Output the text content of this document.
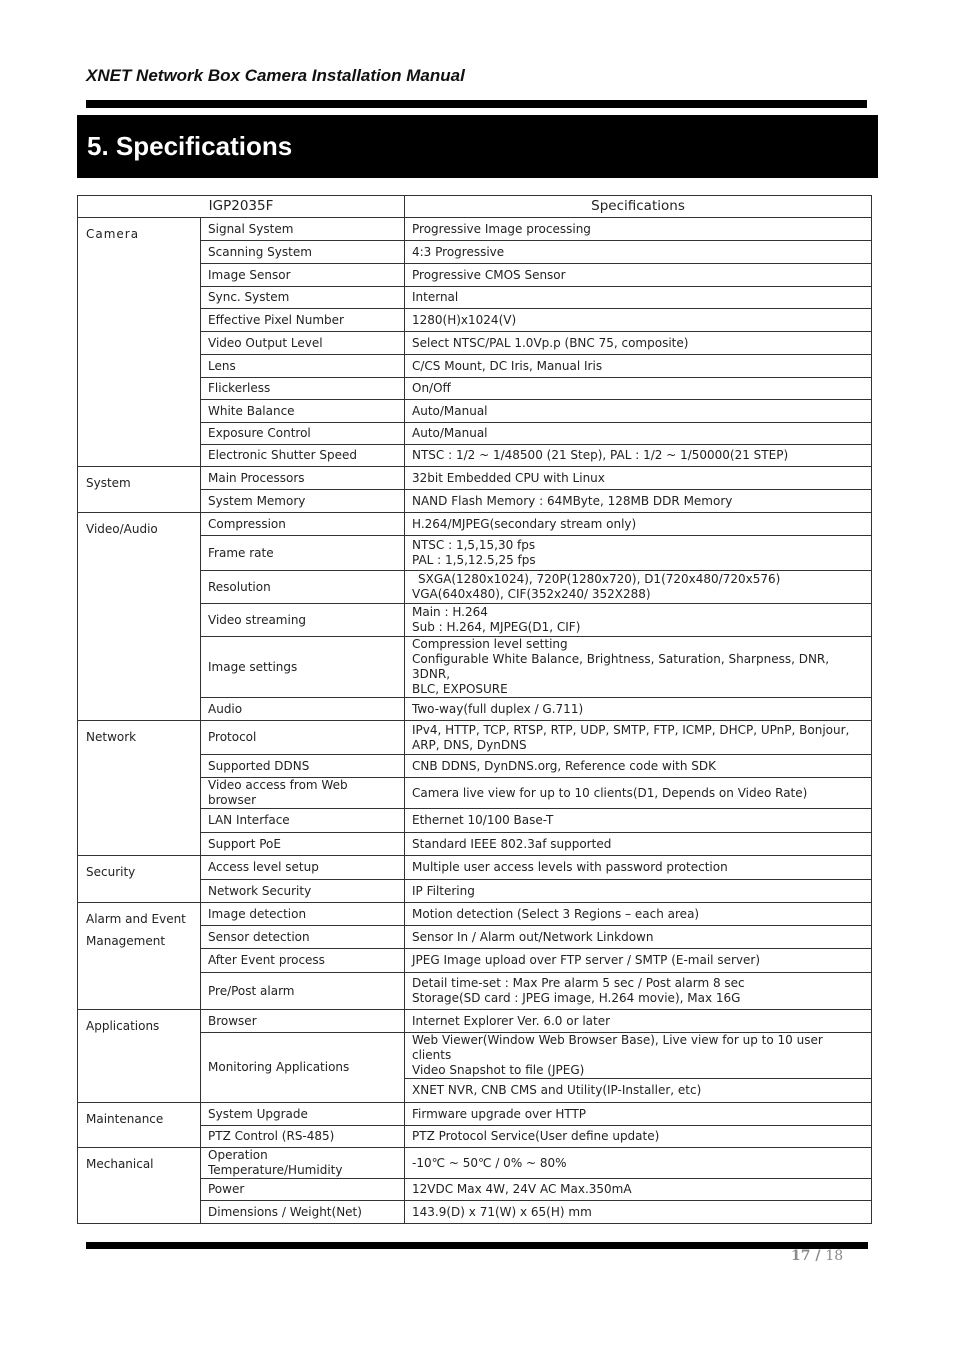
XNET Network Box Camera Installation Manual
5. Specifications
IGP2035F		Specifications

Camera	Signal System	Progressive Image processing

	Scanning System	4:3 Progressive

	Image Sensor	Progressive CMOS Sensor

	Sync. System	Internal

	Effective Pixel Number	1280(H)x1024(V)

	Video Output Level	Select NTSC/PAL 1.0Vp.p (BNC 75, composite)

	Lens	C/CS Mount, DC Iris, Manual Iris

	Flickerless	On/Off

	White Balance	Auto/Manual

	Exposure Control	Auto/Manual

	Electronic Shutter Speed	NTSC : 1/2 ~ 1/48500 (21 Step), PAL : 1/2 ~ 1/50000(21 STEP)

System	Main Processors	32bit Embedded CPU with Linux

	System Memory	NAND Flash Memory : 64MByte, 128MB DDR Memory

Video/Audio	Compression	H.264/MJPEG(secondary stream only)

	Frame rate	NTSC : 1,5,15,30 fps
PAL : 1,5,12.5,25 fps

	Resolution	SXGA(1280x1024), 720P(1280x720), D1(720x480/720x576)
VGA(640x480), CIF(352x240/ 352X288)

	Video streaming	Main : H.264
Sub : H.264, MJPEG(D1, CIF)

	Image settings	Compression level setting
Configurable White Balance, Brightness, Saturation, Sharpness, DNR, 3DNR,
BLC, EXPOSURE

	Audio	Two-way(full duplex / G.711)

Network	Protocol	IPv4, HTTP, TCP, RTSP, RTP, UDP, SMTP, FTP, ICMP, DHCP, UPnP, Bonjour,
ARP, DNS, DynDNS

	Supported DDNS	CNB DDNS, DynDNS.org, Reference code with SDK

	Video access from Web browser	Camera live view for up to 10 clients(D1, Depends on Video Rate)

	LAN Interface	Ethernet 10/100 Base-T

	Support PoE	Standard IEEE 802.3af supported

Security	Access level setup	Multiple user access levels with password protection

	Network Security	IP Filtering

Alarm and Event
Management	Image detection	Motion detection (Select 3 Regions – each area)

	Sensor detection	Sensor In / Alarm out/Network Linkdown

	After Event process	JPEG Image upload over FTP server / SMTP (E-mail server)

	Pre/Post alarm	Detail time-set : Max Pre alarm 5 sec / Post alarm 8 sec
Storage(SD card : JPEG image, H.264 movie), Max 16G

Applications	Browser	Internet Explorer Ver. 6.0 or later

	Monitoring Applications	Web Viewer(Window Web Browser Base), Live view for up to 10 user clients
Video Snapshot to file (JPEG)

		XNET NVR, CNB CMS and Utility(IP-Installer, etc)

Maintenance	System Upgrade	Firmware upgrade over HTTP

	PTZ Control (RS-485)	PTZ Protocol Service(User define update)

Mechanical	Operation Temperature/Humidity	-10℃ ~ 50℃ / 0% ~ 80%

	Power	12VDC Max 4W, 24V AC Max.350mA

	Dimensions / Weight(Net)	143.9(D) x 71(W) x 65(H) mm
17 / 18
